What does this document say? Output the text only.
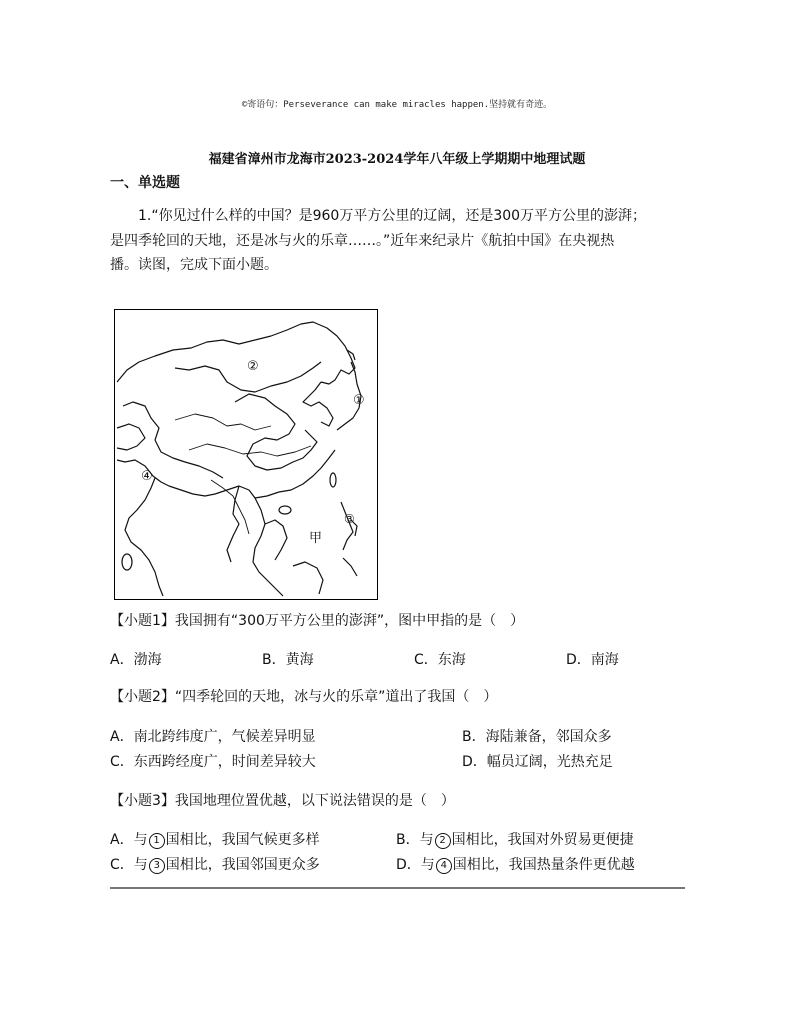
©寄语句：Perseverance can make miracles happen.坚持就有奇迹。
福建省漳州市龙海市2023-2024学年八年级上学期期中地理试题
一、单选题

1.“你见过什么样的中国？是960万平方公里的辽阔，还是300万平方公里的澎湃；

是四季轮回的天地，还是冰与火的乐章……。”近年来纪录片《航拍中国》在央视热

播。读图，完成下面小题。

②
①
④
③
甲
【小题1】我国拥有“300万平方公里的澎湃”，图中甲指的是（　）
A．渤海	B．黄海	C．东海	D．南海
【小题2】“四季轮回的天地，冰与火的乐章”道出了我国（　）
A．南北跨纬度广，气候差异明显	B．海陆兼备，邻国众多
C．东西跨经度广，时间差异较大	D．幅员辽阔，光热充足
【小题3】我国地理位置优越，以下说法错误的是（　）
A．与 1 国相比，我国气候更多样	B．与 2 国相比，我国对外贸易更便捷
C．与 3 国相比，我国邻国更众多	D．与 4 国相比，我国热量条件更优越
